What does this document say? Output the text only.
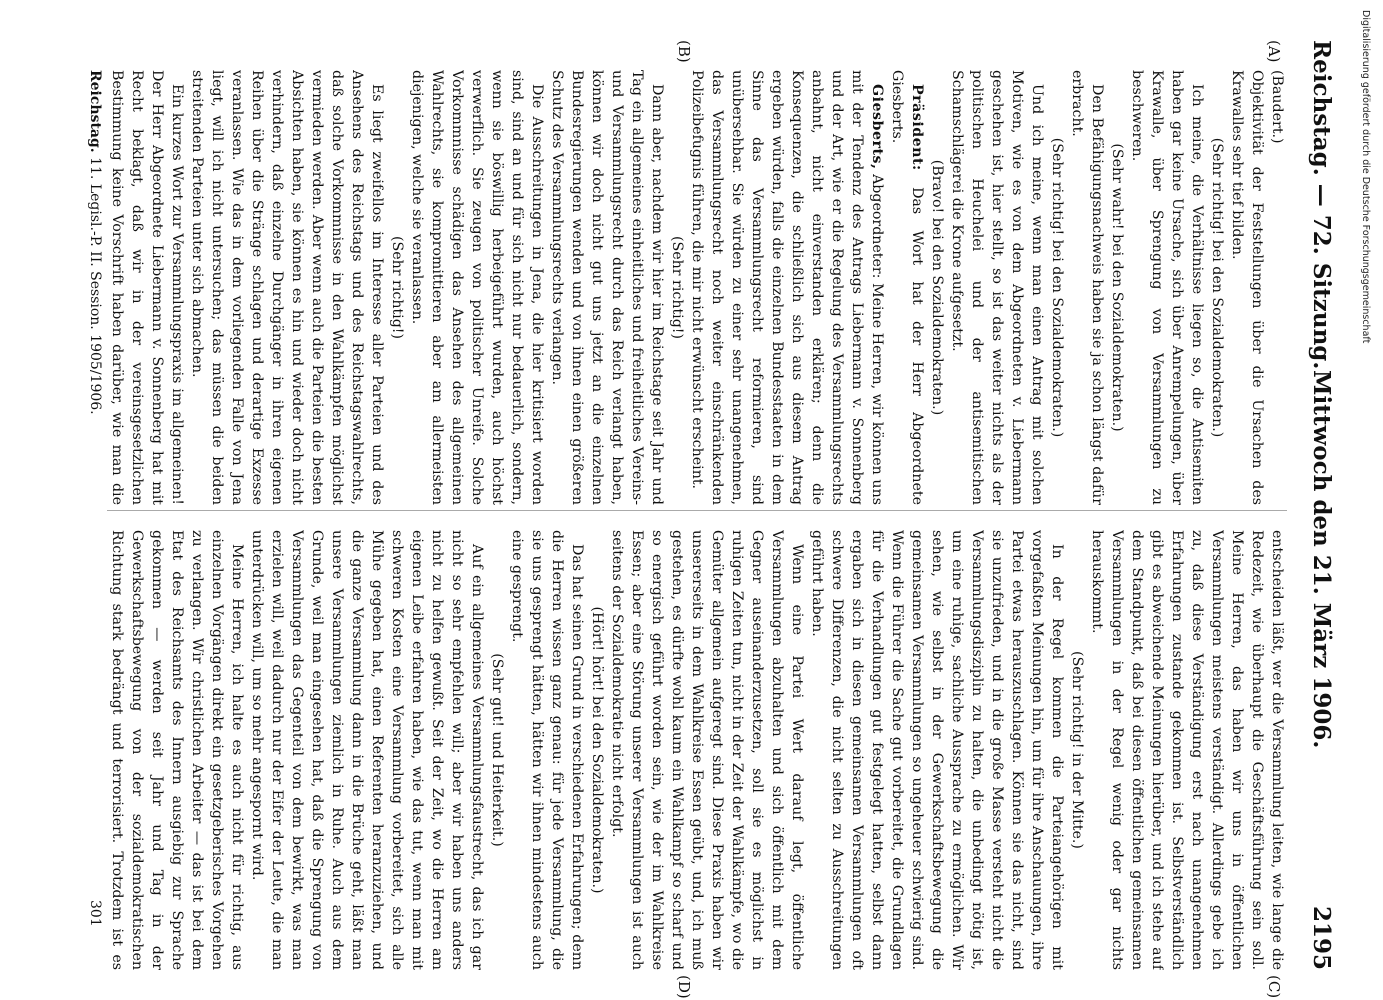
Reichstag. — 72. Sitzung.
Mittwoch den 21. März 1906.
2195
(A)
(B)
(C)
(D)

(Baudert.)

Objektivität der Feststellungen über die Ursachen des Krawalles sehr tief bilden.

(Sehr richtig! bei den Sozialdemokraten.)

Ich meine, die Verhältnisse liegen so, die Antisemiten haben gar keine Ursache, sich über Anrempelungen, über Krawalle, über Sprengung von Versammlungen zu beschweren.

(Sehr wahr! bei den Sozialdemokraten.)

Den Befähigungsnachweis haben sie ja schon längst dafür erbracht.

(Sehr richtig! bei den Sozialdemokraten.)

Und ich meine, wenn man einen Antrag mit solchen Motiven, wie es von dem Abgeordneten v. Liebermann geschehen ist, hier stellt, so ist das weiter nichts als der politischen Heuchelei und der antisemitischen Schamschlägerei die Krone aufgesetzt.

(Bravo! bei den Sozialdemokraten.)

Präsident: Das Wort hat der Herr Abgeordnete Giesberts.

Giesberts, Abgeordneter: Meine Herren, wir können uns mit der Tendenz des Antrags Liebermann v. Sonnenberg und der Art, wie er die Regelung des Versammlungsrechts anbahnt, nicht einverstanden erklären; denn die Konsequenzen, die schließlich sich aus diesem Antrag ergeben würden, falls die einzelnen Bundesstaaten in dem Sinne das Versammlungsrecht reformieren, sind unübersehbar. Sie würden zu einer sehr unangenehmen, das Versammlungsrecht noch weiter einschränkenden Polizeibefugnis führen, die mir nicht erwünscht erscheint.

(Sehr richtig!)

Dann aber, nachdem wir hier im Reichstage seit Jahr und Tag ein allgemeines einheitliches und freiheitliches Vereins- und Versammlungsrecht durch das Reich verlangt haben, können wir doch nicht gut uns jetzt an die einzelnen Bundesregierungen wenden und von ihnen einen größeren Schutz des Versammlungsrechts verlangen.

Die Ausschreitungen in Jena, die hier kritisiert worden sind, sind an und für sich nicht nur bedauerlich, sondern, wenn sie böswillig herbeigeführt wurden, auch höchst verwerflich. Sie zeugen von politischer Unreife. Solche Vorkommnisse schädigen das Ansehen des allgemeinen Wahlrechts, sie kompromittieren aber am allermeisten diejenigen, welche sie veranlassen.

(Sehr richtig!)

Es liegt zweifellos im Interesse aller Parteien und des Ansehens des Reichstags und des Reichstagswahlrechts, daß solche Vorkommnisse in den Wahlkämpfen möglichst vermieden werden. Aber wenn auch die Parteien die besten Absichten haben, sie können es hin und wieder doch nicht verhindern, daß einzelne Durchgänger in ihren eigenen Reihen über die Stränge schlagen und derartige Exzesse veranlassen. Wie das in dem vorliegenden Falle von Jena liegt, will ich nicht untersuchen; das müssen die beiden streitenden Parteien unter sich abmachen.

Ein kurzes Wort zur Versammlungspraxis im allgemeinen! Der Herr Abgeordnete Liebermann v. Sonnenberg hat mit Recht beklagt, daß wir in der vereinsgesetzlichen Bestimmung keine Vorschrift haben darüber, wie man die

entscheiden läßt, wer die Versammlung leiten, wie lange die Redezeit, wie überhaupt die Geschäftsführung sein soll. Meine Herren, das haben wir uns in öffentlichen Versammlungen meistens verständigt. Allerdings gebe ich zu, daß diese Verständigung erst nach unangenehmen Erfahrungen zustande gekommen ist. Selbstverständlich gibt es abweichende Meinungen hierüber, und ich stehe auf dem Standpunkt, daß bei diesen öffentlichen gemeinsamen Versammlungen in der Regel wenig oder gar nichts herauskommt.

(Sehr richtig! in der Mitte.)

In der Regel kommen die Parteiangehörigen mit vorgefaßten Meinungen hin, um für ihre Anschauungen, ihre Partei etwas herauszuschlagen. Können sie das nicht, sind sie unzufrieden, und in die große Masse versteht nicht die Versammlungsdisziplin zu halten, die unbedingt nötig ist, um eine ruhige, sachliche Aussprache zu ermöglichen. Wir sehen, wie selbst in der Gewerkschaftsbewegung die gemeinsamen Versammlungen so ungeheuer schwierig sind. Wenn die Führer die Sache gut vorbereitet, die Grundlagen für die Verhandlungen gut festgelegt hatten, selbst dann ergaben sich in diesen gemeinsamen Versammlungen oft schwere Differenzen, die nicht selten zu Ausschreitungen geführt haben.

Wenn eine Partei Wert darauf legt, öffentliche Versammlungen abzuhalten und sich öffentlich mit dem Gegner auseinanderzusetzen, soll sie es möglichst in ruhigen Zeiten tun, nicht in der Zeit der Wahlkämpfe, wo die Gemüter allgemein aufgeregt sind. Diese Praxis haben wir unsererseits in dem Wahlkreise Essen geübt, und, ich muß gestehen, es dürfte wohl kaum ein Wahlkampf so scharf und so energisch geführt worden sein, wie der im Wahlkreise Essen; aber eine Störung unserer Versammlungen ist auch seitens der Sozialdemokratie nicht erfolgt.

(Hört! hört! bei den Sozialdemokraten.)

Das hat seinen Grund in verschiedenen Erfahrungen; denn die Herren wissen ganz genau: für jede Versammlung, die sie uns gesprengt hätten, hätten wir ihnen mindestens auch eine gesprengt.

(Sehr gut! und Heiterkeit.)

Auf ein allgemeines Versammlungsfaustrecht, das ich gar nicht so sehr empfehlen will; aber wir haben uns anders nicht zu helfen gewußt. Seit der Zeit, wo die Herren am eigenen Leibe erfahren haben, wie das tut, wenn man mit schweren Kosten eine Versammlung vorbereitet, sich alle Mühe gegeben hat, einen Referenten heranzuziehen, und die ganze Versammlung dann in die Brüche geht, läßt man unsere Versammlungen ziemlich in Ruhe. Auch aus dem Grunde, weil man eingesehen hat, daß die Sprengung von Versammlungen das Gegenteil von dem bewirkt, was man erzielen will, weil dadurch nur der Eifer der Leute, die man unterdrücken will, um so mehr angespornt wird.

Meine Herren, ich halte es auch nicht für richtig, aus einzelnen Vorgängen direkt ein gesetzgeberisches Vorgehen zu verlangen. Wir christlichen Arbeiter — das ist bei dem Etat des Reichsamts des Innern ausgiebig zur Sprache gekommen — werden seit Jahr und Tag in der Gewerkschaftsbewegung von der sozialdemokratischen Richtung stark bedrängt und terrorisiert. Trotzdem ist es

Reichstag. 11. Legisl.-P. II. Session. 1905/1906.
301
Digitalisierung gefördert durch die Deutsche Forschungsgemeinschaft
